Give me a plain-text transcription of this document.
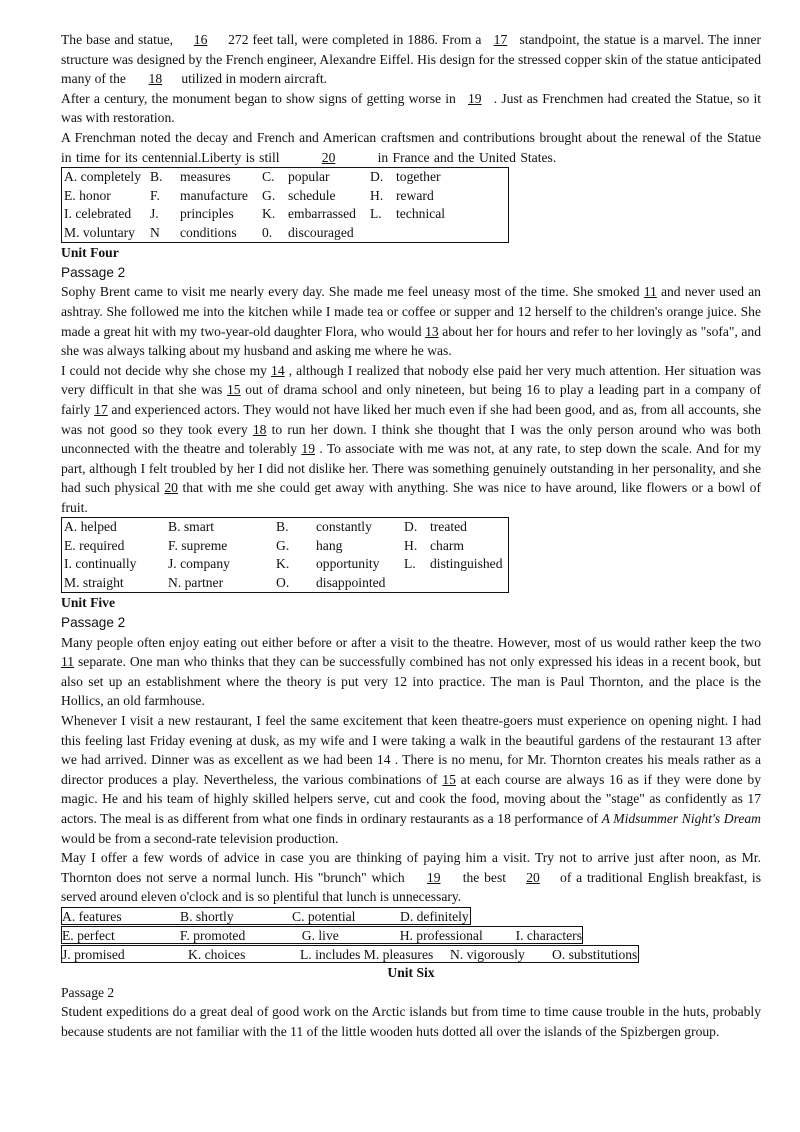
The base and statue, 16 272 feet tall, were completed in 1886. From a 17 standpoint, the statue is a marvel. The inner structure was designed by the French engineer, Alexandre Eiffel. His design for the stressed copper skin of the statue anticipated many of the 18 utilized in modern aircraft.

After a century, the monument began to show signs of getting worse in 19 . Just as Frenchmen had created the Statue, so it was with restoration.

A Frenchman noted the decay and French and American craftsmen and contributions brought about the renewal of the Statue in time for its centennial.Liberty is still	20	in France and the United States.

A. completely	B.	measures	C.	popular	D.	together
E. honor	F.	manufacture	G.	schedule	H.	reward
I. celebrated	J.	principles	K.	embarrassed	L.	technical
M. voluntary	N	conditions	0.	discouraged		

Unit Four

Passage 2

Sophy Brent came to visit me nearly every day. She made me feel uneasy most of the time. She smoked 11 and never used an ashtray. She followed me into the kitchen while I made tea or coffee or supper and 12 herself to the children's orange juice. She made a great hit with my two-year-old daughter Flora, who would 13 about her for hours and refer to her lovingly as "sofa", and she was always talking about my husband and asking me where he was.

I could not decide why she chose my 14 , although I realized that nobody else paid her very much attention. Her situation was very difficult in that she was 15 out of drama school and only nineteen, but being 16 to play a leading part in a company of fairly 17 and experienced actors. They would not have liked her much even if she had been good, and as, from all accounts, she was not good so they took every 18 to run her down. I think she thought that I was the only person around who was both unconnected with the theatre and tolerably 19 . To associate with me was not, at any rate, to step down the scale. And for my part, although I felt troubled by her I did not dislike her. There was something genuinely outstanding in her personality, and she had such physical 20 that with me she could get away with anything. She was nice to have around, like flowers or a bowl of fruit.

A. helped	B. smart	B.	constantly	D.	treated
E. required	F. supreme	G.	hang	H.	charm
I. continually	J. company	K.	opportunity	L.	distinguished
M. straight	N. partner	O.	disappointed		

Unit Five

Passage 2

Many people often enjoy eating out either before or after a visit to the theatre. However, most of us would rather keep the two 11 separate. One man who thinks that they can be successfully combined has not only expressed his ideas in a recent book, but also set up an establishment where the theory is put very 12 into practice. The man is Paul Thornton, and the place is the Hollics, an old farmhouse.

Whenever I visit a new restaurant, I feel the same excitement that keen theatre-goers must experience on opening night. I had this feeling last Friday evening at dusk, as my wife and I were taking a walk in the beautiful gardens of the restaurant 13 after we had arrived. Dinner was as excellent as we had been 14 . There is no menu, for Mr. Thornton creates his meals rather as a director produces a play. Nevertheless, the various combinations of 15 at each course are always 16 as if they were done by magic. He and his team of highly skilled helpers serve, cut and cook the food, moving about the "stage" as confidently as 17 actors. The meal is as different from what one finds in ordinary restaurants as a 18 performance of A Midsummer Night's Dream would be from a second-rate television production.

May I offer a few words of advice in case you are thinking of paying him a visit. Try not to arrive just after noon, as Mr. Thornton does not serve a normal lunch. His "brunch" which 19 the best 20 of a traditional English breakfast, is served around eleven o'clock and is so plentiful that lunch is unnecessary.

A. features	B. shortly	C. potential	D. definitely
E. perfect	F. promoted	G. live	H. professional	I. characters
J. promised	K. choices	L. includes M. pleasures	N. vigorously	O. substitutions

Unit Six

Passage 2

Student expeditions do a great deal of good work on the Arctic islands but from time to time cause trouble in the huts, probably because students are not familiar with the 11 of the little wooden huts dotted all over the islands of the Spizbergen group.
